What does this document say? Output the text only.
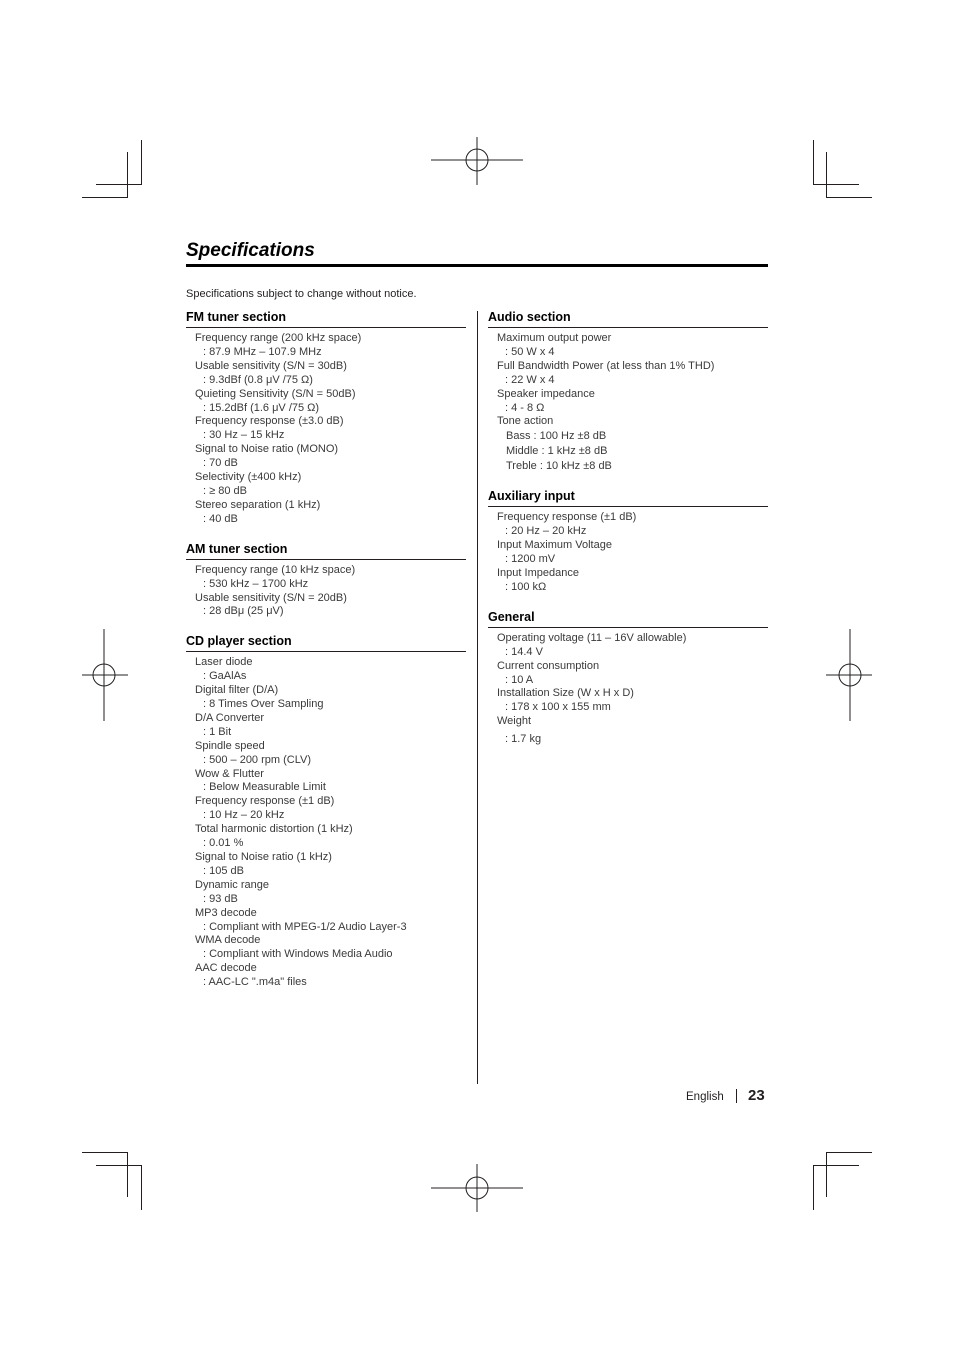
Specifications
Specifications subject to change without notice.
FM tuner section
Frequency range (200 kHz space)
: 87.9 MHz – 107.9 MHz
Usable sensitivity (S/N = 30dB)
: 9.3dBf (0.8 μV /75 Ω)
Quieting Sensitivity (S/N = 50dB)
: 15.2dBf (1.6 μV /75 Ω)
Frequency response (±3.0 dB)
: 30 Hz – 15 kHz
Signal to Noise ratio (MONO)
: 70 dB
Selectivity (±400 kHz)
: ≥ 80 dB
Stereo separation (1 kHz)
: 40 dB
AM tuner section
Frequency range (10 kHz space)
: 530 kHz – 1700 kHz
Usable sensitivity (S/N = 20dB)
: 28 dBμ (25 μV)
CD player section
Laser diode
: GaAlAs
Digital filter (D/A)
: 8 Times Over Sampling
D/A Converter
: 1 Bit
Spindle speed
: 500 – 200 rpm (CLV)
Wow & Flutter
: Below Measurable Limit
Frequency response (±1 dB)
: 10 Hz – 20 kHz
Total harmonic distortion (1 kHz)
: 0.01 %
Signal to Noise ratio (1 kHz)
: 105 dB
Dynamic range
: 93 dB
MP3 decode
: Compliant with MPEG-1/2 Audio Layer-3
WMA decode
: Compliant with Windows Media Audio
AAC decode
: AAC-LC ".m4a" files
Audio section
Maximum output power
: 50 W x 4
Full Bandwidth Power (at less than 1% THD)
: 22 W x 4
Speaker impedance
: 4 - 8 Ω
Tone action
Bass : 100 Hz ±8 dB
Middle : 1 kHz ±8 dB
Treble : 10 kHz ±8 dB
Auxiliary input
Frequency response (±1 dB)
: 20 Hz – 20 kHz
Input Maximum Voltage
: 1200 mV
Input Impedance
: 100 kΩ
General
Operating voltage (11 – 16V allowable)
: 14.4 V
Current consumption
: 10 A
Installation Size (W x H x D)
: 178 x 100 x 155 mm
Weight
: 1.7 kg
English 23
